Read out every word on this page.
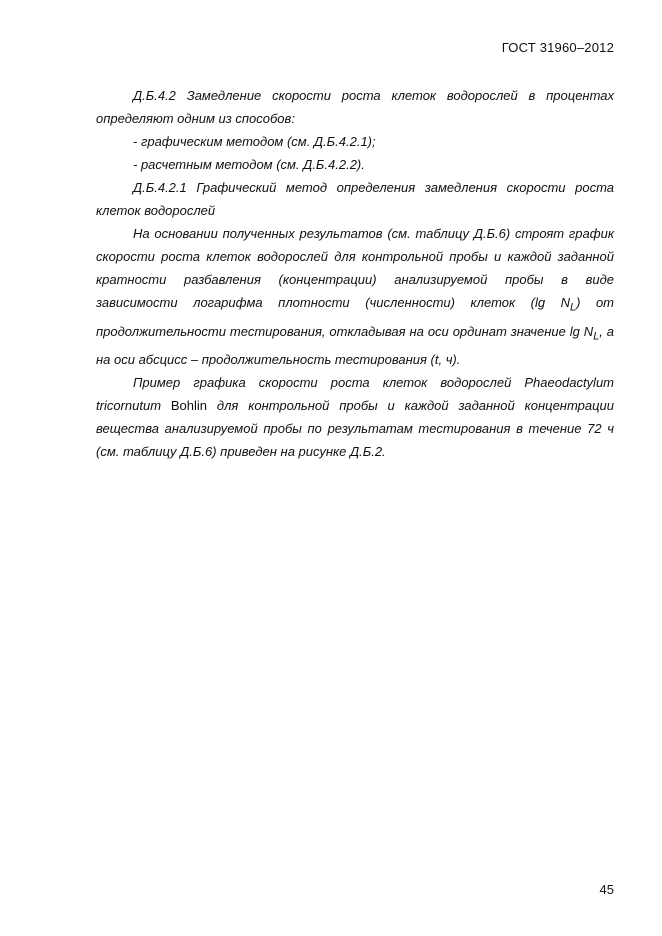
ГОСТ 31960–2012

Д.Б.4.2 Замедление скорости роста клеток водорослей в процентах определяют одним из способов:

- графическим методом (см. Д.Б.4.2.1);

- расчетным методом (см. Д.Б.4.2.2).

Д.Б.4.2.1 Графический метод определения замедления скорости роста клеток водорослей

На основании полученных результатов (см. таблицу Д.Б.6) строят график скорости роста клеток водорослей для контрольной пробы и каждой заданной кратности разбавления (концентрации) анализируемой пробы в виде зависимости логарифма плотности (численности) клеток (lg $N_L$) от продолжительности тестирования, откладывая на оси ординат значение $\lg N_L$, а на оси абсцисс – продолжительность тестирования (t, ч).

Пример графика скорости роста клеток водорослей Phaeodactylum tricornutum Bohlin для контрольной пробы и каждой заданной концентрации вещества анализируемой пробы по результатам тестирования в течение 72 ч (см. таблицу Д.Б.6) приведен на рисунке Д.Б.2.

45
